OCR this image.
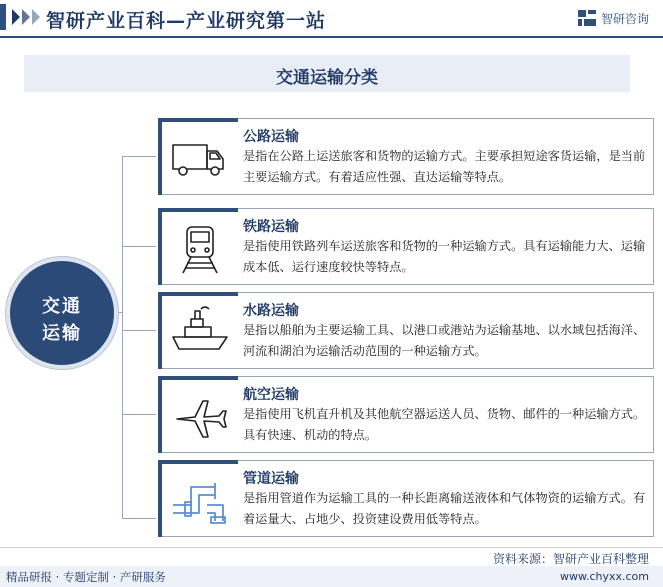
智研产业百科—产业研究第一站	智研咨询
交通运输分类
交通
运输
公路运输
是指在公路上运送旅客和货物的运输方式。主要承担短途客货运输，是当前主要运输方式。有着适应性强、直达运输等特点。
铁路运输
是指使用铁路列车运送旅客和货物的一种运输方式。具有运输能力大、运输成本低、运行速度较快等特点。
水路运输
是指以船舶为主要运输工具、以港口或港站为运输基地、以水域包括海洋、河流和湖泊为运输活动范围的一种运输方式。
航空运输
是指使用飞机直升机及其他航空器运送人员、货物、邮件的一种运输方式。具有快速、机动的特点。
管道运输
是指用管道作为运输工具的一种长距离输送液体和气体物资的运输方式。有着运量大、占地少、投资建设费用低等特点。
资料来源：智研产业百科整理
精品研报 · 专题定制 · 产研服务	www.chyxx.com
